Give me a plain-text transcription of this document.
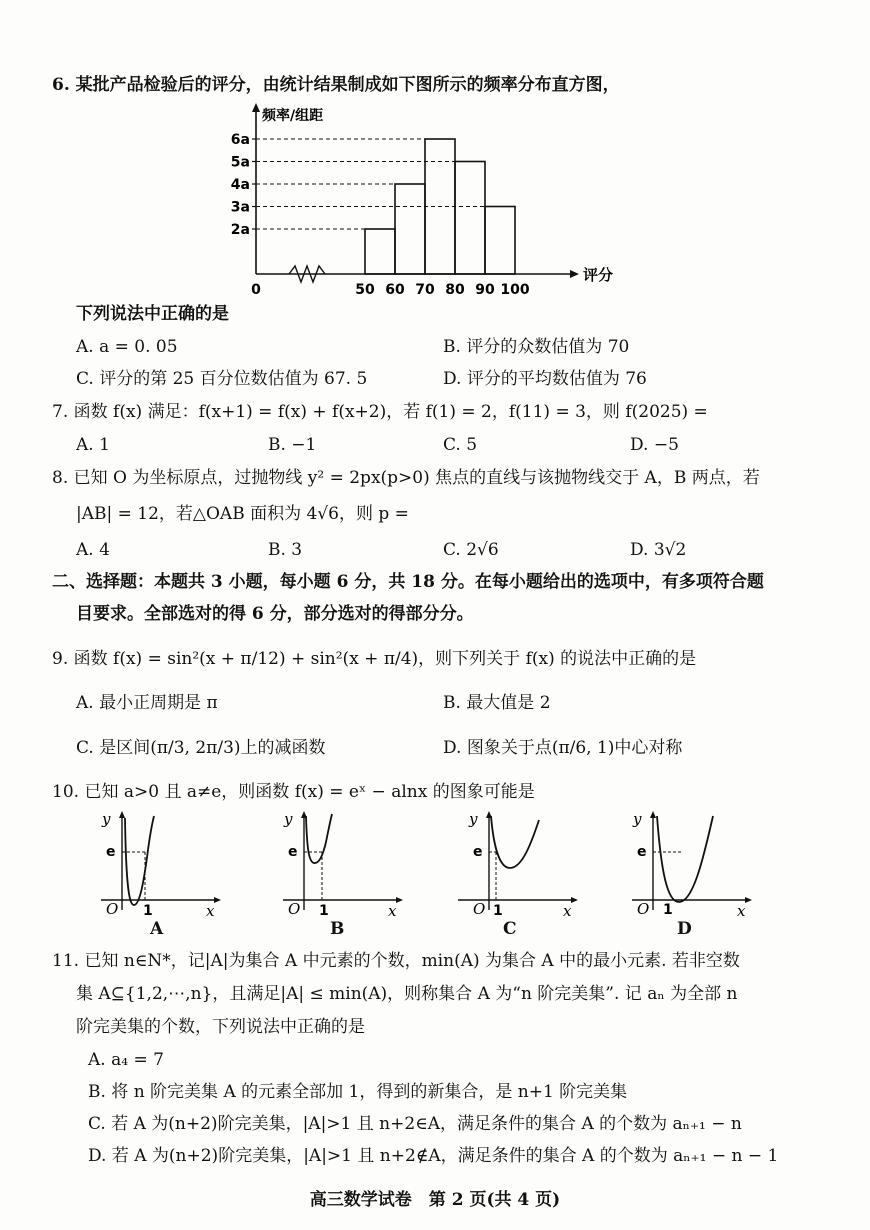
6. 某批产品检验后的评分，由统计结果制成如下图所示的频率分布直方图，
2a
3a
4a
5a
6a
频率/组距
0	50 60 70 80 90 100
评分
下列说法中正确的是
A. a = 0. 05	B. 评分的众数估值为 70
C. 评分的第 25 百分位数估值为 67. 5	D. 评分的平均数估值为 76
7. 函数 f(x) 满足：f(x+1) = f(x) + f(x+2)，若 f(1) = 2，f(11) = 3，则 f(2025) =
A. 1	B. −1	C. 5	D. −5
8. 已知 O 为坐标原点，过抛物线 y² = 2px(p>0) 焦点的直线与该抛物线交于 A，B 两点，若
|AB| = 12，若△OAB 面积为 4√6，则 p =
A. 4	B. 3	C. 2√6	D. 3√2
二、选择题：本题共 3 小题，每小题 6 分，共 18 分。在每小题给出的选项中，有多项符合题
目要求。全部选对的得 6 分，部分选对的得部分分。
9. 函数 f(x) = sin²(x + π/12) + sin²(x + π/4)，则下列关于 f(x) 的说法中正确的是
A. 最小正周期是 π	B. 最大值是 2
C. 是区间(π/3, 2π/3)上的减函数	D. 图象关于点(π/6, 1)中心对称
10. 已知 a>0 且 a≠e，则函数 f(x) = eˣ − alnx 的图象可能是
y
x
O
e
1
A
y
x
O
e
1
B
y
x
O
e
1
C
y
x
O
e
1
D
11. 已知 n∈N*，记|A|为集合 A 中元素的个数，min(A) 为集合 A 中的最小元素. 若非空数
集 A⊆{1,2,⋯,n}，且满足|A| ≤ min(A)，则称集合 A 为“n 阶完美集”. 记 aₙ 为全部 n
阶完美集的个数，下列说法中正确的是
A. a₄ = 7
B. 将 n 阶完美集 A 的元素全部加 1，得到的新集合，是 n+1 阶完美集
C. 若 A 为(n+2)阶完美集，|A|>1 且 n+2∈A，满足条件的集合 A 的个数为 aₙ₊₁ − n
D. 若 A 为(n+2)阶完美集，|A|>1 且 n+2∉A，满足条件的集合 A 的个数为 aₙ₊₁ − n − 1
高三数学试卷　第 2 页(共 4 页)
